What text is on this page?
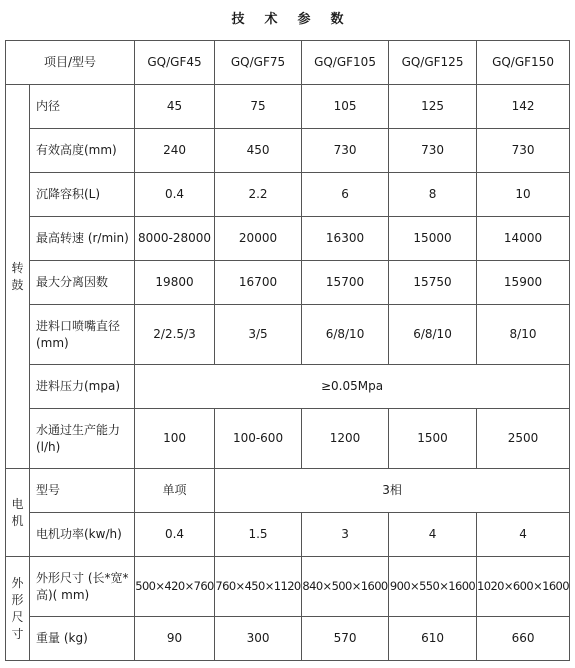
技 术 参 数
项目/型号		GQ/GF45	GQ/GF75	GQ/GF105	GQ/GF125	GQ/GF150
转鼓	内径	45	75	105	125	142
	有效高度(mm)	240	450	730	730	730
	沉降容积(L)	0.4	2.2	6	8	10
	最高转速 (r/min)	8000-28000	20000	16300	15000	14000
	最大分离因数	19800	16700	15700	15750	15900
	进料口喷嘴直径(mm)	2/2.5/3	3/5	6/8/10	6/8/10	8/10
	进料压力(mpa)	≥0.05Mpa				
	水通过生产能力(l/h)	100	100-600	1200	1500	2500
电机	型号	单项	3相			
	电机功率(kw/h)	0.4	1.5	3	4	4
外形尺寸	外形尺寸 (长*宽*高)( mm)	500×420×760	760×450×1120	840×500×1600	900×550×1600	1020×600×1600
	重量 (kg)	90	300	570	610	660
